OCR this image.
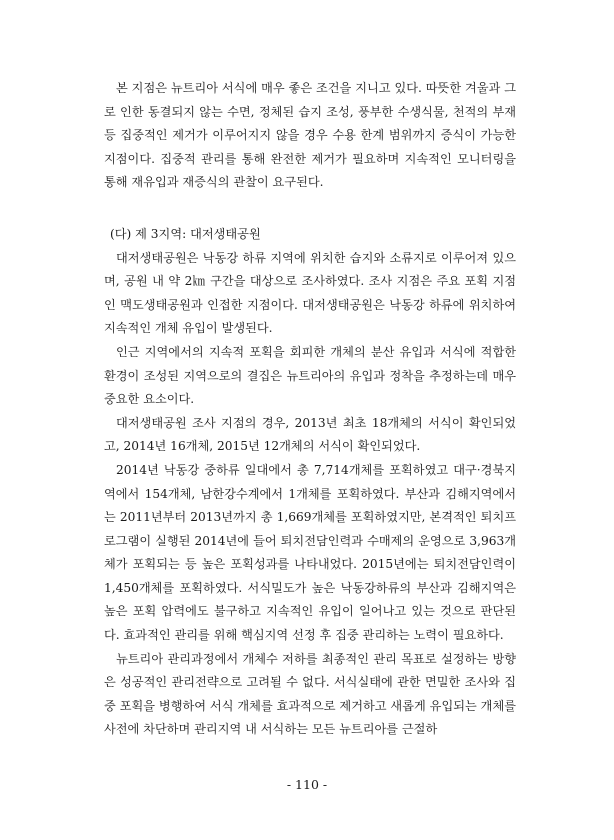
본 지점은 뉴트리아 서식에 매우 좋은 조건을 지니고 있다. 따뜻한 겨울과 그로 인한 동결되지 않는 수면, 정체된 습지 조성, 풍부한 수생식물, 천적의 부재 등 집중적인 제거가 이루어지지 않을 경우 수용 한계 범위까지 증식이 가능한 지점이다. 집중적 관리를 통해 완전한 제거가 필요하며 지속적인 모니터링을 통해 재유입과 재증식의 관찰이 요구된다.

(다) 제 3지역: 대저생태공원

대저생태공원은 낙동강 하류 지역에 위치한 습지와 소류지로 이루어져 있으며, 공원 내 약 2㎞ 구간을 대상으로 조사하였다. 조사 지점은 주요 포획 지점인 맥도생태공원과 인접한 지점이다. 대저생태공원은 낙동강 하류에 위치하여 지속적인 개체 유입이 발생된다.

인근 지역에서의 지속적 포획을 회피한 개체의 분산 유입과 서식에 적합한 환경이 조성된 지역으로의 결집은 뉴트리아의 유입과 정착을 추정하는데 매우 중요한 요소이다.

대저생태공원 조사 지점의 경우, 2013년 최초 18개체의 서식이 확인되었고, 2014년 16개체, 2015년 12개체의 서식이 확인되었다.

2014년 낙동강 중하류 일대에서 총 7,714개체를 포획하였고 대구·경북지역에서 154개체, 남한강수계에서 1개체를 포획하였다. 부산과 김해지역에서는 2011년부터 2013년까지 총 1,669개체를 포획하였지만, 본격적인 퇴치프로그램이 실행된 2014년에 들어 퇴치전담인력과 수매제의 운영으로 3,963개체가 포획되는 등 높은 포획성과를 나타내었다. 2015년에는 퇴치전담인력이 1,450개체를 포획하였다. 서식밀도가 높은 낙동강하류의 부산과 김해지역은 높은 포획 압력에도 불구하고 지속적인 유입이 일어나고 있는 것으로 판단된다. 효과적인 관리를 위해 핵심지역 선정 후 집중 관리하는 노력이 필요하다.

뉴트리아 관리과정에서 개체수 저하를 최종적인 관리 목표로 설정하는 방향은 성공적인 관리전략으로 고려될 수 없다. 서식실태에 관한 면밀한 조사와 집중 포획을 병행하여 서식 개체를 효과적으로 제거하고 새롭게 유입되는 개체를 사전에 차단하며 관리지역 내 서식하는 모든 뉴트리아를 근절하

- 110 -
